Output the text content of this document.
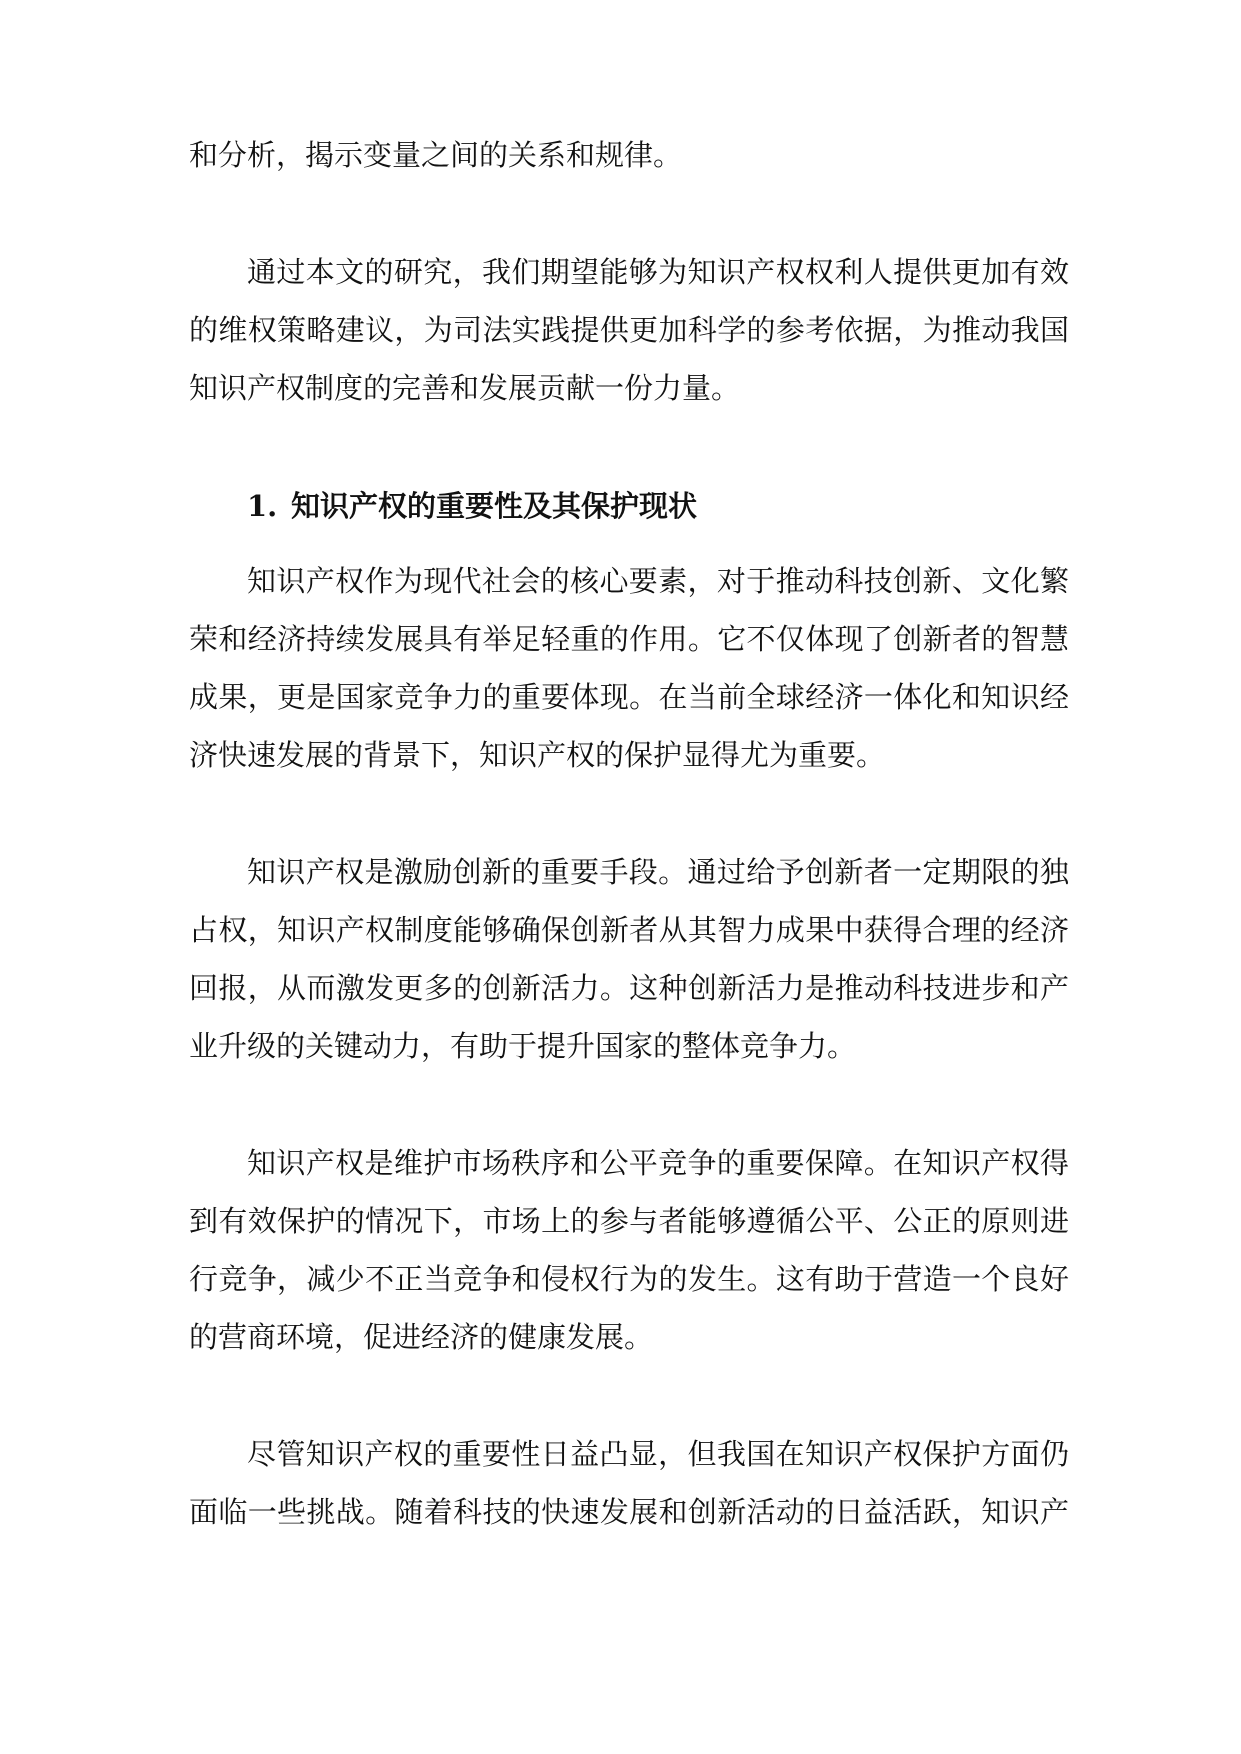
和分析，揭示变量之间的关系和规律。
通过本文的研究，我们期望能够为知识产权权利人提供更加有效
的维权策略建议，为司法实践提供更加科学的参考依据，为推动我国
知识产权制度的完善和发展贡献一份力量。
1. 知识产权的重要性及其保护现状
知识产权作为现代社会的核心要素，对于推动科技创新、文化繁
荣和经济持续发展具有举足轻重的作用。它不仅体现了创新者的智慧
成果，更是国家竞争力的重要体现。在当前全球经济一体化和知识经
济快速发展的背景下，知识产权的保护显得尤为重要。
知识产权是激励创新的重要手段。通过给予创新者一定期限的独
占权，知识产权制度能够确保创新者从其智力成果中获得合理的经济
回报，从而激发更多的创新活力。这种创新活力是推动科技进步和产
业升级的关键动力，有助于提升国家的整体竞争力。
知识产权是维护市场秩序和公平竞争的重要保障。在知识产权得
到有效保护的情况下，市场上的参与者能够遵循公平、公正的原则进
行竞争，减少不正当竞争和侵权行为的发生。这有助于营造一个良好
的营商环境，促进经济的健康发展。
尽管知识产权的重要性日益凸显，但我国在知识产权保护方面仍
面临一些挑战。随着科技的快速发展和创新活动的日益活跃，知识产
